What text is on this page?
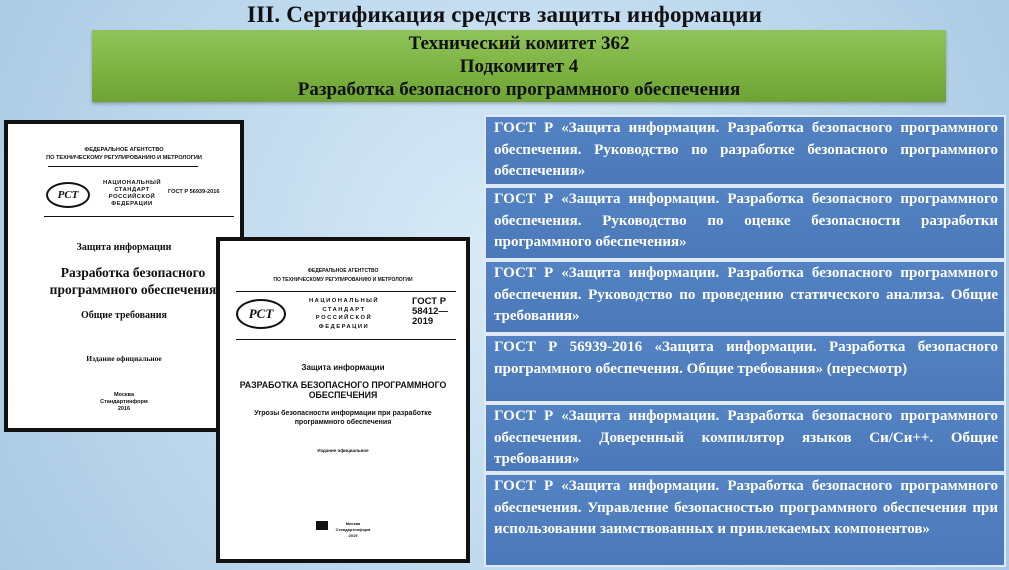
III. Сертификация средств защиты информации
Технический комитет 362
Подкомитет 4
Разработка безопасного программного обеспечения
ФЕДЕРАЛЬНОЕ АГЕНТСТВО
ПО ТЕХНИЧЕСКОМУ РЕГУЛИРОВАНИЮ И МЕТРОЛОГИИ
РСТ
НАЦИОНАЛЬНЫЙ
СТАНДАРТ
РОССИЙСКОЙ
ФЕДЕРАЦИИ
ГОСТ Р 56939-2016
Защита информации
Разработка безопасного программного обеспечения
Общие требования
Издание официальное
Москва
Стандартинформ
2016
ФЕДЕРАЛЬНОЕ АГЕНТСТВО
ПО ТЕХНИЧЕСКОМУ РЕГУЛИРОВАНИЮ И МЕТРОЛОГИИ
РСТ
НАЦИОНАЛЬНЫЙ
СТАНДАРТ
РОССИЙСКОЙ
ФЕДЕРАЦИИ
ГОСТ Р
58412—
2019
Защита информации
РАЗРАБОТКА БЕЗОПАСНОГО ПРОГРАММНОГО ОБЕСПЕЧЕНИЯ
Угрозы безопасности информации при разработке программного обеспечения
Издание официальное
Москва
Стандартинформ
2019
ГОСТ Р «Защита информации. Разработка безопасного программного обеспечения. Руководство по разработке безопасного программного обеспечения»
ГОСТ Р «Защита информации. Разработка безопасного программного обеспечения. Руководство по оценке безопасности разработки программного обеспечения»
ГОСТ Р «Защита информации. Разработка безопасного программного обеспечения. Руководство по проведению статического анализа. Общие требования»
ГОСТ Р 56939-2016 «Защита информации. Разработка безопасного программного обеспечения. Общие требования» (пересмотр)
ГОСТ Р «Защита информации. Разработка безопасного программного обеспечения. Доверенный компилятор языков Си/Си++. Общие требования»
ГОСТ Р «Защита информации. Разработка безопасного программного обеспечения. Управление безопасностью программного обеспечения при использовании заимствованных и привлекаемых компонентов»
